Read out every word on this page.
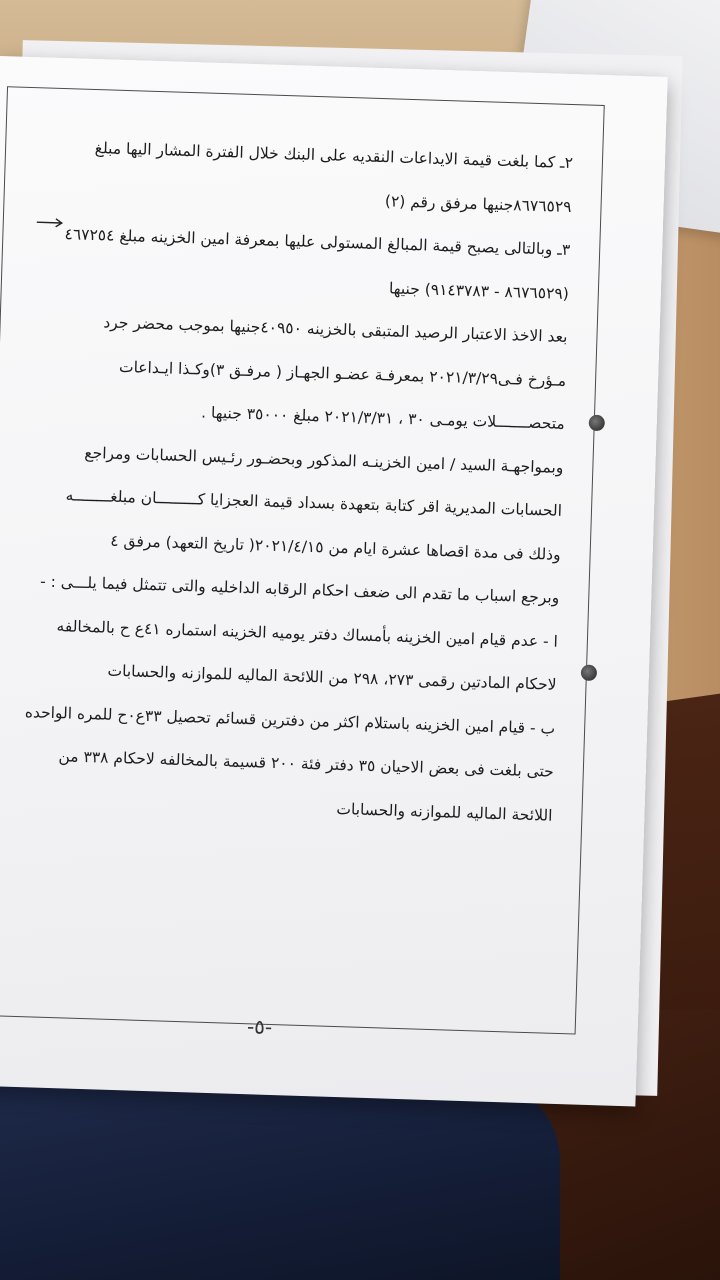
٢ـ كما بلغت قيمة الايداعات النقديه على البنك خلال الفترة المشار اليها مبلغ
٨٦٧٦٥٢٩جنيها مرفق رقم (٢)
٣ـ وبالتالى يصبح قيمة المبالغ المستولى عليها بمعرفة امين الخزينه مبلغ ٤٦٧٢٥٤
(٨٦٧٦٥٢٩ - ٩١٤٣٧٨٣) جنيها
بعد الاخذ الاعتبار الرصيد المتبقى بالخزينه ٤٠٩٥٠جنيها بموجب محضر جرد
مـؤرخ فـى٢٠٢١/٣/٢٩ بمعرفـة عضـو الجهـاز ( مرفـق ٣)وكـذا ايـداعات
متحصـــــــلات يومـى ٣٠ ، ٢٠٢١/٣/٣١ مبلغ ٣٥٠٠٠ جنيها .
وبمواجهـة السيد / امين الخزينـه المذكور وبحضـور رئـيس الحسابات ومراجع
الحسابات المديرية اقر كتابة بتعهدة بسداد قيمة العجزايا كـــــــــان مبلغــــــــه
وذلك فى مدة اقصاها عشرة ايام من ٢٠٢١/٤/١٥( تاريخ التعهد) مرفق ٤
وبرجع اسباب ما تقدم الى ضعف احكام الرقابه الداخليه والتى تتمثل فيما يلـــى : -
ا - عدم قيام امين الخزينه بأمساك دفتر يوميه الخزينه استماره ٤١ع ح بالمخالفه
لاحكام المادتين رقمى ٢٧٣، ٢٩٨ من اللائحة الماليه للموازنه والحسابات
ب - قيام امين الخزينه باستلام اكثر من دفترين قسائم تحصيل ٣٣ع٠ح للمره الواحده
حتى بلغت فى بعض الاحيان ٣٥ دفتر فئة ٢٠٠ قسيمة بالمخالفه لاحكام ٣٣٨ من
اللائحة الماليه للموازنه والحسابات
-٥-
